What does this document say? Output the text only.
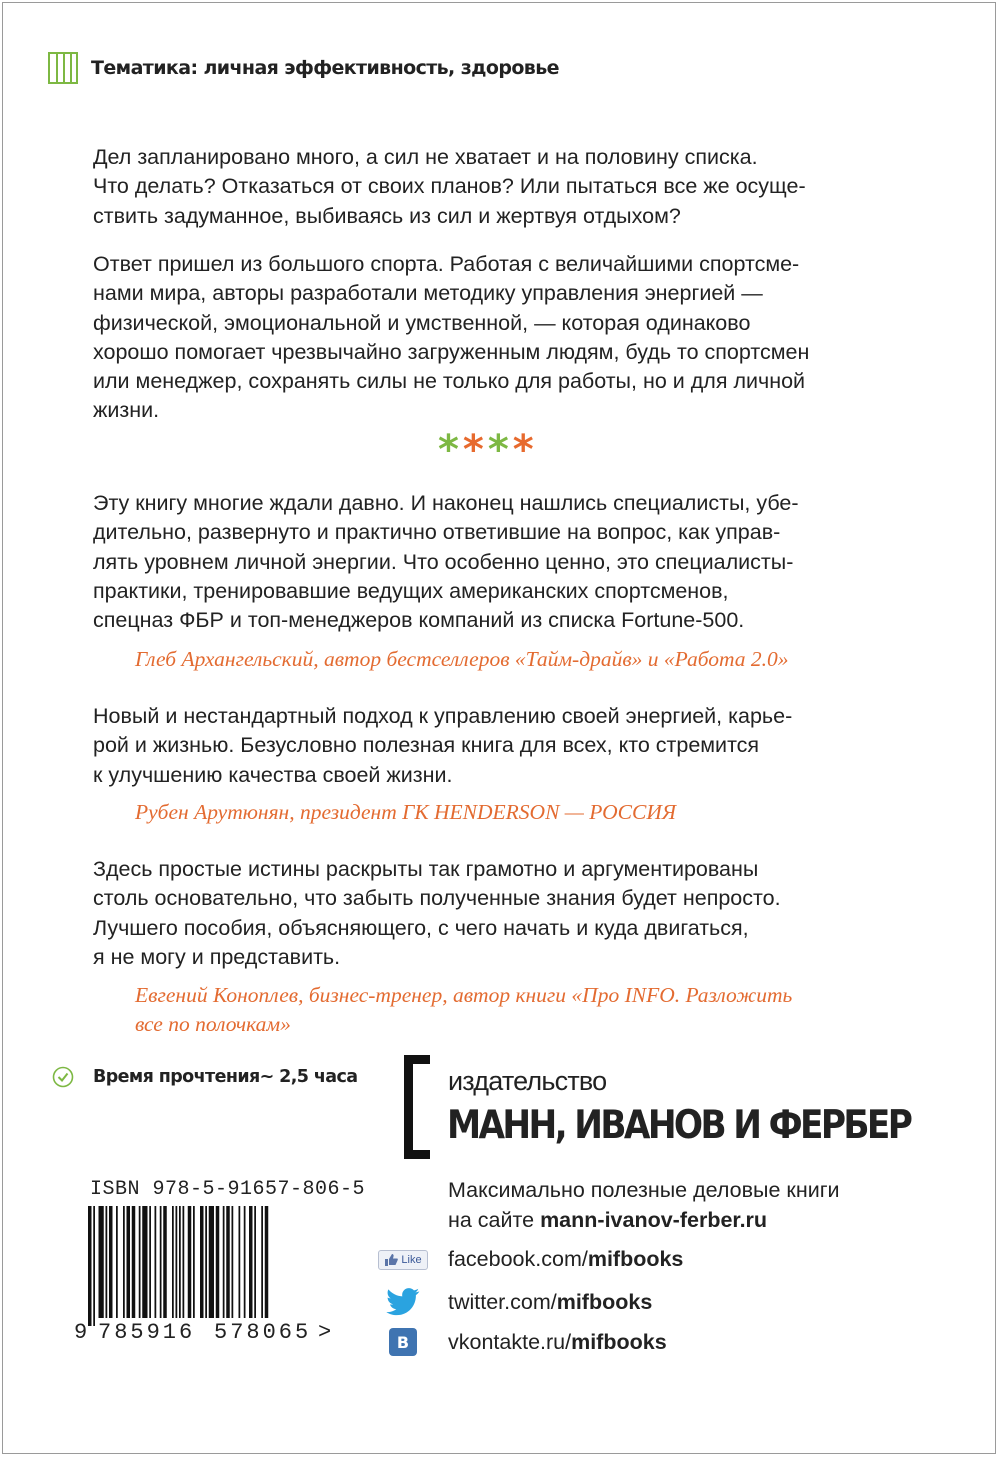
Тематика: личная эффективность, здоровье
Дел запланировано много, а сил не хватает и на половину списка.
Что делать? Отказаться от своих планов? Или пытаться все же осуще-
ствить задуманное, выбиваясь из сил и жертвуя отдыхом?
Ответ пришел из большого спорта. Работая с величайшими спортсме-
нами мира, авторы разработали методику управления энергией —
физической, эмоциональной и умственной, — которая одинаково
хорошо помогает чрезвычайно загруженным людям, будь то спортсмен
или менеджер, сохранять силы не только для работы, но и для личной
жизни.
****
Эту книгу многие ждали давно. И наконец нашлись специалисты, убе-
дительно, развернуто и практично ответившие на вопрос, как управ-
лять уровнем личной энергии. Что особенно ценно, это специалисты-
практики, тренировавшие ведущих американских спортсменов,
спецназ ФБР и топ-менеджеров компаний из списка Fortune-500.
Глеб Архангельский, автор бестселлеров «Тайм-драйв» и «Работа 2.0»
Новый и нестандартный подход к управлению своей энергией, карье-
рой и жизнью. Безусловно полезная книга для всех, кто стремится
к улучшению качества своей жизни.
Рубен Арутюнян, президент ГК HENDERSON — РОССИЯ
Здесь простые истины раскрыты так грамотно и аргументированы
столь основательно, что забыть полученные знания будет непросто.
Лучшего пособия, объясняющего, с чего начать и куда двигаться,
я не могу и представить.
Евгений Коноплев, бизнес-тренер, автор книги «Про INFO. Разложить
все по полочкам»
Время прочтения~ 2,5 часа	издательство
МАНН, ИВАНОВ И ФЕРБЕР
Максимально полезные деловые книги
на сайте mann-ivanov-ferber.ru
Like facebook.com/mifbooks
twitter.com/mifbooks
B vkontakte.ru/mifbooks
ISBN 978-5-91657-806-5
9 785916 578065 >
